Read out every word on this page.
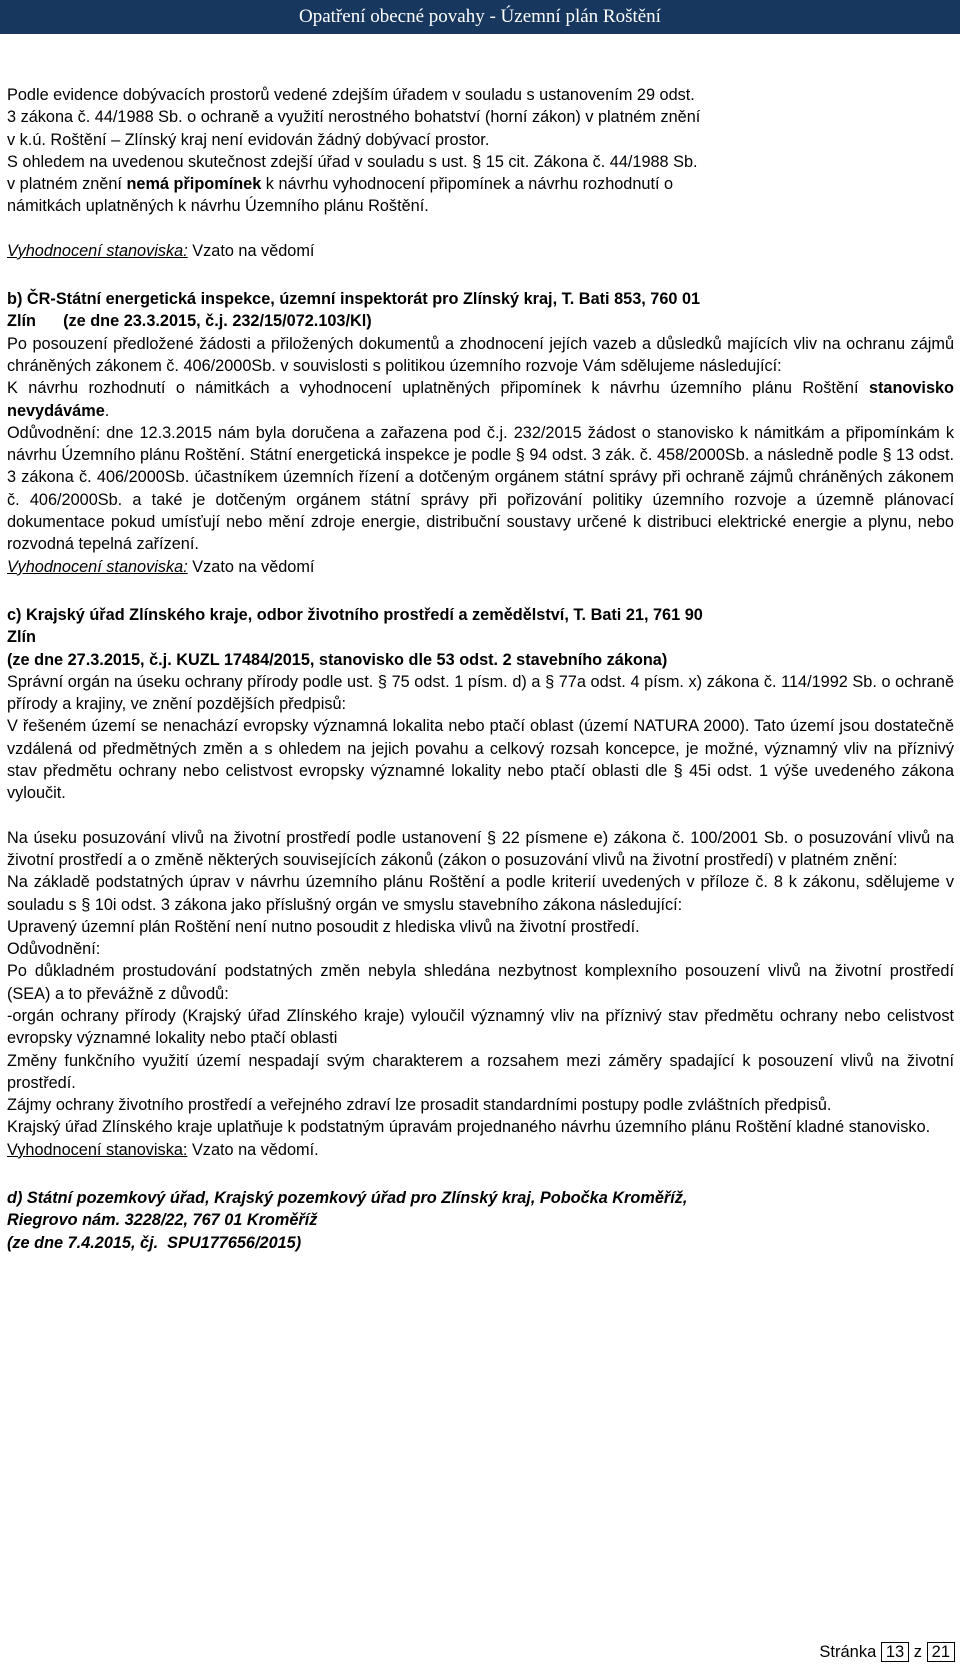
Opatření obecné povahy - Územní plán Roštění

Podle evidence dobývacích prostorů vedené zdejším úřadem v souladu s ustanovením 29 odst.

3 zákona č. 44/1988 Sb. o ochraně a využití nerostného bohatství (horní zákon) v platném znění

v k.ú. Roštění – Zlínský kraj není evidován žádný dobývací prostor.

S ohledem na uvedenou skutečnost zdejší úřad v souladu s ust. § 15 cit. Zákona č. 44/1988 Sb.

v platném znění nemá připomínek k návrhu vyhodnocení připomínek a návrhu rozhodnutí o

námitkách uplatněných k návrhu Územního plánu Roštění.

Vyhodnocení stanoviska: Vzato na vědomí

b) ČR-Státní energetická inspekce, územní inspektorát pro Zlínský kraj, T. Bati 853, 760 01

Zlín      (ze dne 23.3.2015, č.j. 232/15/072.103/Kl)

Po posouzení předložené žádosti a přiložených dokumentů a zhodnocení jejích vazeb a důsledků majících vliv na ochranu zájmů chráněných zákonem č. 406/2000Sb. v souvislosti s politikou územního rozvoje Vám sdělujeme následující:

K návrhu rozhodnutí o námitkách a vyhodnocení uplatněných připomínek k návrhu územního plánu Roštění stanovisko nevydáváme.

Odůvodnění: dne 12.3.2015 nám byla doručena a zařazena pod č.j. 232/2015 žádost o stanovisko k námitkám a připomínkám k návrhu Územního plánu Roštění. Státní energetická inspekce je podle § 94 odst. 3 zák. č. 458/2000Sb. a následně podle § 13 odst. 3 zákona č. 406/2000Sb. účastníkem územních řízení a dotčeným orgánem státní správy při ochraně zájmů chráněných zákonem č. 406/2000Sb. a také je dotčeným orgánem státní správy při pořizování politiky územního rozvoje a územně plánovací dokumentace pokud umísťují nebo mění zdroje energie, distribuční soustavy určené k distribuci elektrické energie a plynu, nebo rozvodná tepelná zařízení.

Vyhodnocení stanoviska: Vzato na vědomí

c) Krajský úřad Zlínského kraje, odbor životního prostředí a zemědělství, T. Bati 21, 761 90

Zlín

(ze dne 27.3.2015, č.j. KUZL 17484/2015, stanovisko dle 53 odst. 2 stavebního zákona)

Správní orgán na úseku ochrany přírody podle ust. § 75 odst. 1 písm. d) a § 77a odst. 4 písm. x) zákona č. 114/1992 Sb. o ochraně přírody a krajiny, ve znění pozdějších předpisů:

V řešeném území se nenachází evropsky významná lokalita nebo ptačí oblast (území NATURA 2000). Tato území jsou dostatečně vzdálená od předmětných změn a s ohledem na jejich povahu a celkový rozsah koncepce, je možné, významný vliv na příznivý stav předmětu ochrany nebo celistvost evropsky významné lokality nebo ptačí oblasti dle § 45i odst. 1 výše uvedeného zákona vyloučit.

Na úseku posuzování vlivů na životní prostředí podle ustanovení § 22 písmene e) zákona č. 100/2001 Sb. o posuzování vlivů na životní prostředí a o změně některých souvisejících zákonů (zákon o posuzování vlivů na životní prostředí) v platném znění:

Na základě podstatných úprav v návrhu územního plánu Roštění a podle kriterií uvedených v příloze č. 8 k zákonu, sdělujeme v souladu s § 10i odst. 3 zákona jako příslušný orgán ve smyslu stavebního zákona následující:

Upravený územní plán Roštění není nutno posoudit z hlediska vlivů na životní prostředí.

Odůvodnění:

Po důkladném prostudování podstatných změn nebyla shledána nezbytnost komplexního posouzení vlivů na životní prostředí (SEA) a to převážně z důvodů:

-orgán ochrany přírody (Krajský úřad Zlínského kraje) vyloučil významný vliv na příznivý stav předmětu ochrany nebo celistvost evropsky významné lokality nebo ptačí oblasti

Změny funkčního využití území nespadají svým charakterem a rozsahem mezi záměry spadající k posouzení vlivů na životní prostředí.

Zájmy ochrany životního prostředí a veřejného zdraví lze prosadit standardními postupy podle zvláštních předpisů.

Krajský úřad Zlínského kraje uplatňuje k podstatným úpravám projednaného návrhu územního plánu Roštění kladné stanovisko.

Vyhodnocení stanoviska: Vzato na vědomí.

d) Státní pozemkový úřad, Krajský pozemkový úřad pro Zlínský kraj, Pobočka Kroměříž,

Riegrovo nám. 3228/22, 767 01 Kroměříž

(ze dne 7.4.2015, čj.  SPU177656/2015)

Stránka 13 z 21
